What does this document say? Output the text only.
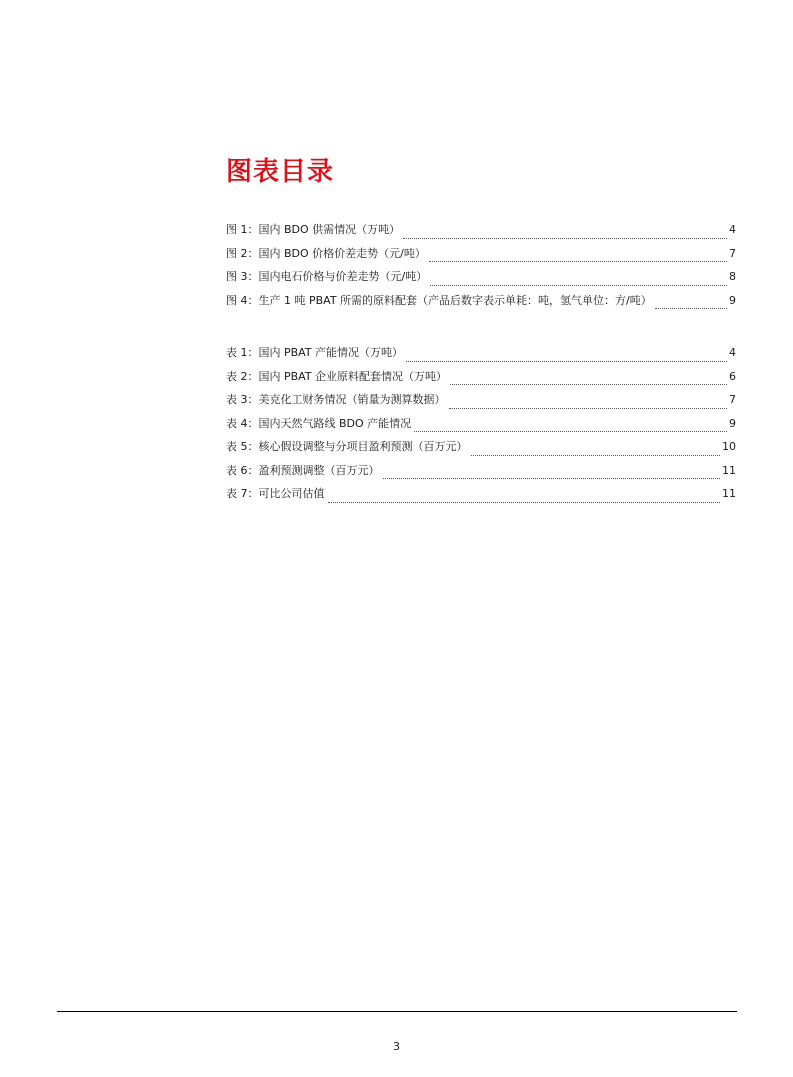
图表目录
图 1：国内 BDO 供需情况（万吨）	4
图 2：国内 BDO 价格价差走势（元/吨）	7
图 3：国内电石价格与价差走势（元/吨）	8
图 4：生产 1 吨 PBAT 所需的原料配套（产品后数字表示单耗：吨，氢气单位：方/吨）	9
表 1：国内 PBAT 产能情况（万吨）	4
表 2：国内 PBAT 企业原料配套情况（万吨）	6
表 3：美克化工财务情况（销量为测算数据）	7
表 4：国内天然气路线 BDO 产能情况	9
表 5：核心假设调整与分项目盈利预测（百万元）	10
表 6：盈利预测调整（百万元）	11
表 7：可比公司估值	11
3
